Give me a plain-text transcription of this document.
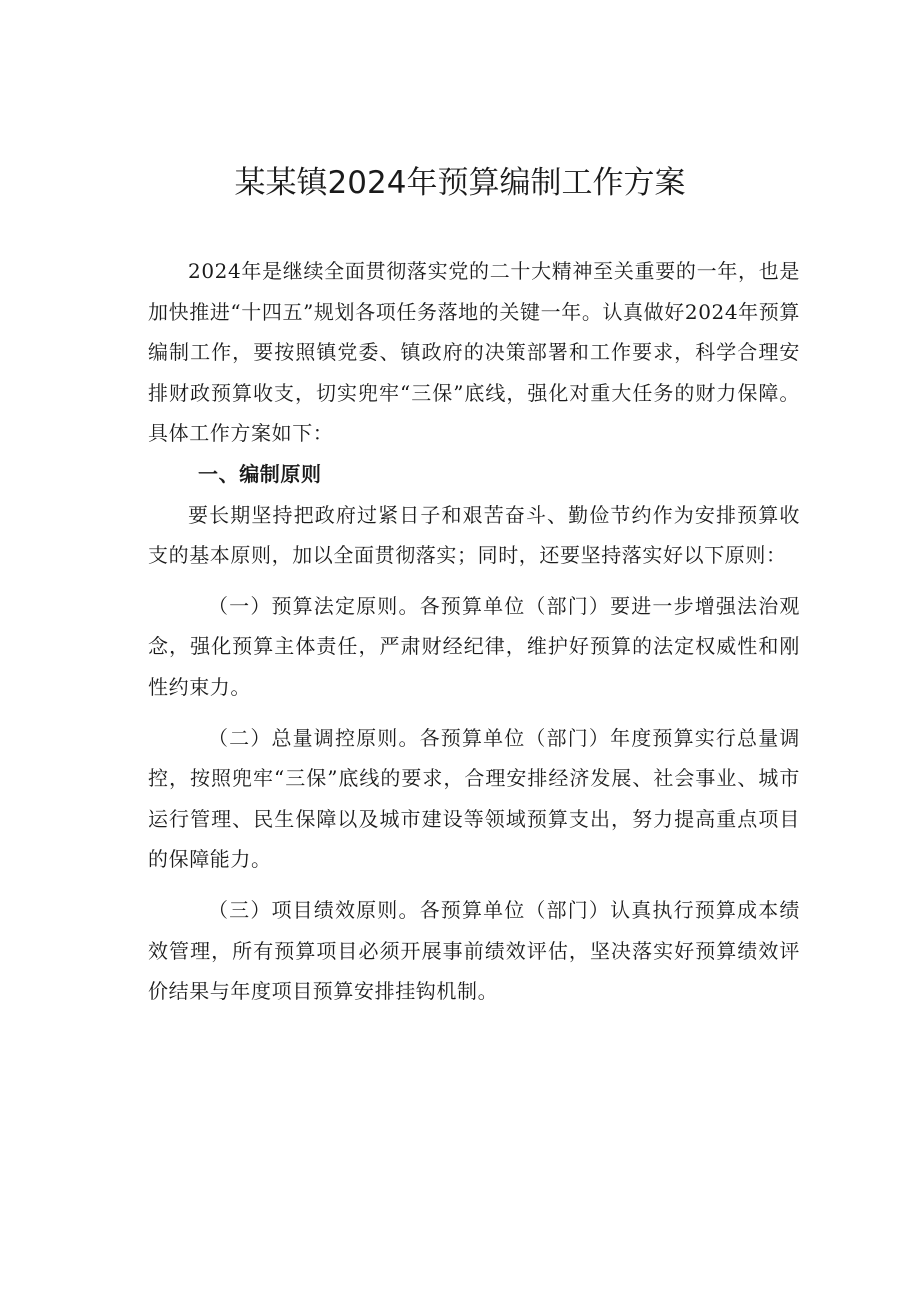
某某镇2024年预算编制工作方案

2024年是继续全面贯彻落实党的二十大精神至关重要的一年，也是加快推进“十四五”规划各项任务落地的关键一年。认真做好2024年预算编制工作，要按照镇党委、镇政府的决策部署和工作要求，科学合理安排财政预算收支，切实兜牢“三保”底线，强化对重大任务的财力保障。具体工作方案如下：

一、编制原则

要长期坚持把政府过紧日子和艰苦奋斗、勤俭节约作为安排预算收支的基本原则，加以全面贯彻落实；同时，还要坚持落实好以下原则：

（一）预算法定原则。各预算单位（部门）要进一步增强法治观念，强化预算主体责任，严肃财经纪律，维护好预算的法定权威性和刚性约束力。

（二）总量调控原则。各预算单位（部门）年度预算实行总量调控，按照兜牢“三保”底线的要求，合理安排经济发展、社会事业、城市运行管理、民生保障以及城市建设等领域预算支出，努力提高重点项目的保障能力。

（三）项目绩效原则。各预算单位（部门）认真执行预算成本绩效管理，所有预算项目必须开展事前绩效评估，坚决落实好预算绩效评价结果与年度项目预算安排挂钩机制。
